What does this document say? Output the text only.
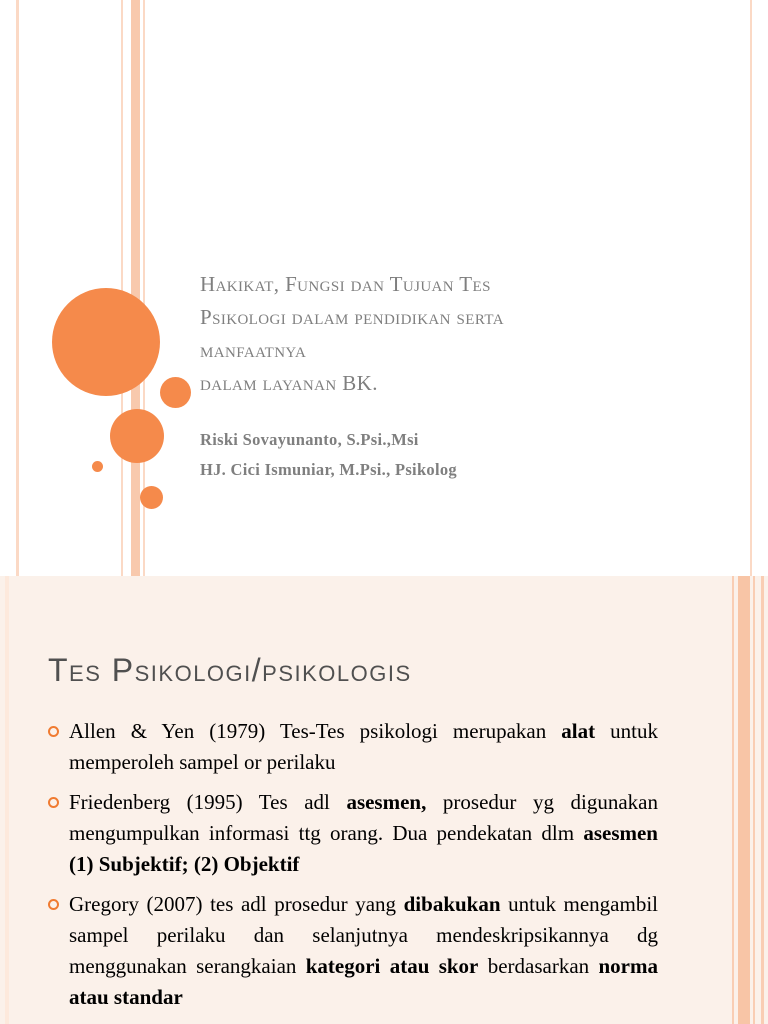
Hakikat, Fungsi dan Tujuan Tes
Psikologi dalam pendidikan serta
manfaatnya
dalam layanan BK.
Riski Sovayunanto, S.Psi.,Msi
HJ. Cici Ismuniar, M.Psi., Psikolog
Tes Psikologi/psikologis
Allen & Yen (1979) Tes-Tes psikologi merupakan alat untuk memperoleh sampel or perilaku
Friedenberg (1995) Tes adl asesmen, prosedur yg digunakan mengumpulkan informasi ttg orang. Dua pendekatan dlm asesmen (1) Subjektif; (2) Objektif
Gregory (2007) tes adl prosedur yang dibakukan untuk mengambil sampel perilaku dan selanjutnya mendeskripsikannya dg menggunakan serangkaian kategori atau skor berdasarkan norma atau standar
